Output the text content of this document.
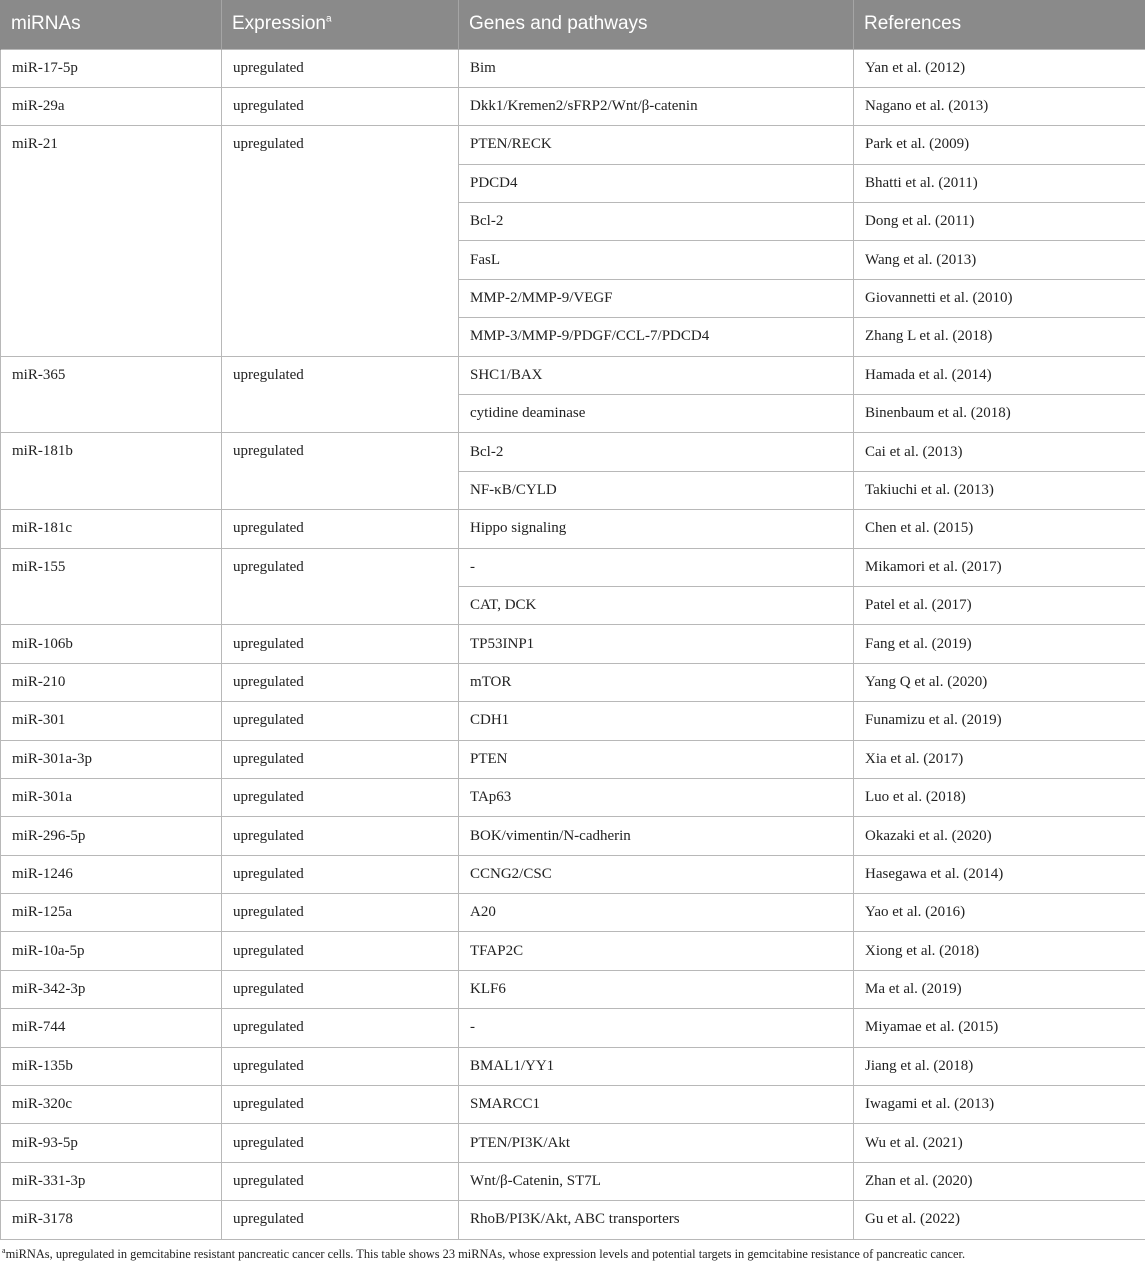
miRNAs	Expression$^a$	Genes and pathways	References
miR-17-5p	upregulated	Bim	Yan et al. (2012)
miR-29a	upregulated	Dkk1/Kremen2/sFRP2/Wnt/β-catenin	Nagano et al. (2013)
miR-21	upregulated	PTEN/RECK	Park et al. (2009)
		PDCD4	Bhatti et al. (2011)
		Bcl-2	Dong et al. (2011)
		FasL	Wang et al. (2013)
		MMP-2/MMP-9/VEGF	Giovannetti et al. (2010)
		MMP-3/MMP-9/PDGF/CCL-7/PDCD4	Zhang L et al. (2018)
miR-365	upregulated	SHC1/BAX	Hamada et al. (2014)
		cytidine deaminase	Binenbaum et al. (2018)
miR-181b	upregulated	Bcl-2	Cai et al. (2013)
		NF-κB/CYLD	Takiuchi et al. (2013)
miR-181c	upregulated	Hippo signaling	Chen et al. (2015)
miR-155	upregulated	-	Mikamori et al. (2017)
		CAT, DCK	Patel et al. (2017)
miR-106b	upregulated	TP53INP1	Fang et al. (2019)
miR-210	upregulated	mTOR	Yang Q et al. (2020)
miR-301	upregulated	CDH1	Funamizu et al. (2019)
miR-301a-3p	upregulated	PTEN	Xia et al. (2017)
miR-301a	upregulated	TAp63	Luo et al. (2018)
miR-296-5p	upregulated	BOK/vimentin/N-cadherin	Okazaki et al. (2020)
miR-1246	upregulated	CCNG2/CSC	Hasegawa et al. (2014)
miR-125a	upregulated	A20	Yao et al. (2016)
miR-10a-5p	upregulated	TFAP2C	Xiong et al. (2018)
miR-342-3p	upregulated	KLF6	Ma et al. (2019)
miR-744	upregulated	-	Miyamae et al. (2015)
miR-135b	upregulated	BMAL1/YY1	Jiang et al. (2018)
miR-320c	upregulated	SMARCC1	Iwagami et al. (2013)
miR-93-5p	upregulated	PTEN/PI3K/Akt	Wu et al. (2021)
miR-331-3p	upregulated	Wnt/β-Catenin, ST7L	Zhan et al. (2020)
miR-3178	upregulated	RhoB/PI3K/Akt, ABC transporters	Gu et al. (2022)
$^a$miRNAs, upregulated in gemcitabine resistant pancreatic cancer cells. This table shows 23 miRNAs, whose expression levels and potential targets in gemcitabine resistance of pancreatic cancer.
